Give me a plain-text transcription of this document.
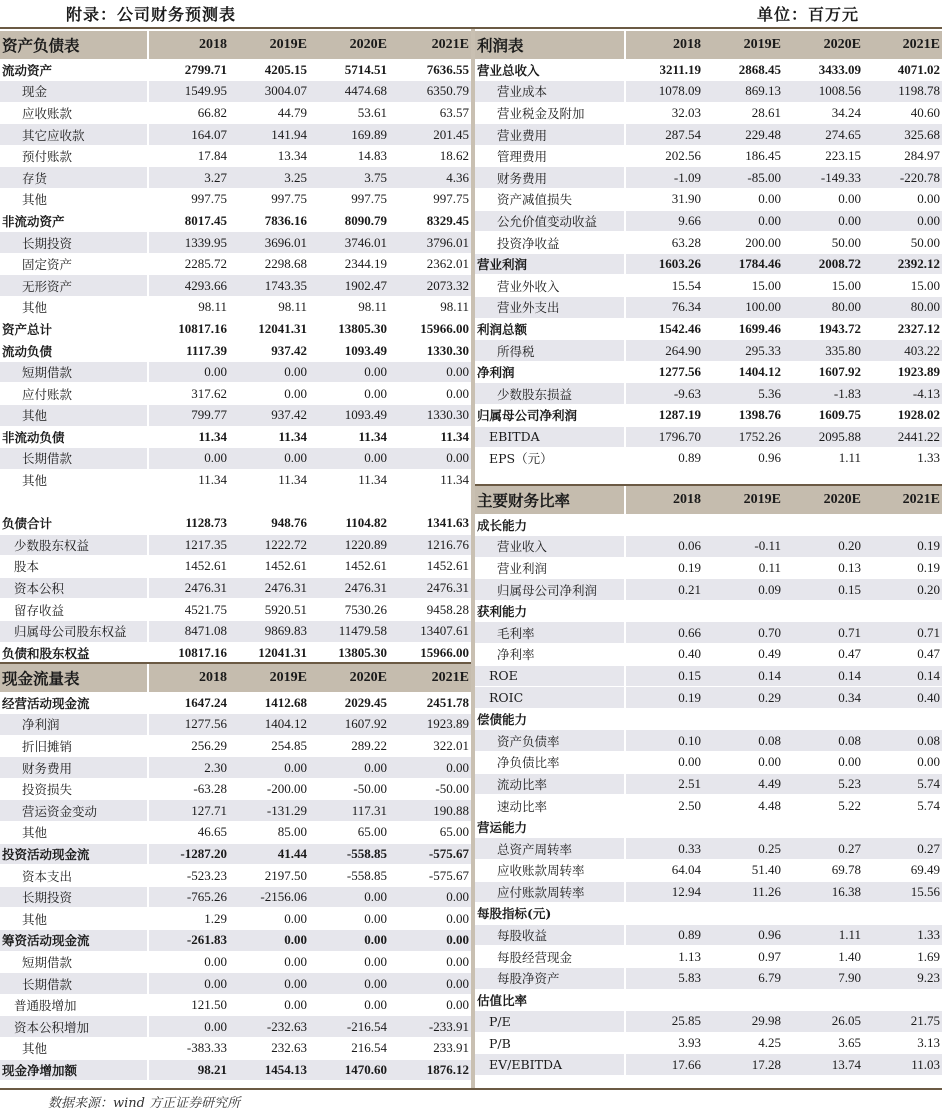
附录：公司财务预测表	单位：百万元
资产负债表	2018	2019E	2020E	2021E
流动资产	2799.71	4205.15	5714.51	7636.55
现金	1549.95	3004.07	4474.68	6350.79
应收账款	66.82	44.79	53.61	63.57
其它应收款	164.07	141.94	169.89	201.45
预付账款	17.84	13.34	14.83	18.62
存货	3.27	3.25	3.75	4.36
其他	997.75	997.75	997.75	997.75
非流动资产	8017.45	7836.16	8090.79	8329.45
长期投资	1339.95	3696.01	3746.01	3796.01
固定资产	2285.72	2298.68	2344.19	2362.01
无形资产	4293.66	1743.35	1902.47	2073.32
其他	98.11	98.11	98.11	98.11
资产总计	10817.16	12041.31	13805.30	15966.00
流动负债	1117.39	937.42	1093.49	1330.30
短期借款	0.00	0.00	0.00	0.00
应付账款	317.62	0.00	0.00	0.00
其他	799.77	937.42	1093.49	1330.30
非流动负债	11.34	11.34	11.34	11.34
长期借款	0.00	0.00	0.00	0.00
其他	11.34	11.34	11.34	11.34

负债合计	1128.73	948.76	1104.82	1341.63
少数股东权益	1217.35	1222.72	1220.89	1216.76
股本	1452.61	1452.61	1452.61	1452.61
资本公积	2476.31	2476.31	2476.31	2476.31
留存收益	4521.75	5920.51	7530.26	9458.28
归属母公司股东权益	8471.08	9869.83	11479.58	13407.61
负债和股东权益	10817.16	12041.31	13805.30	15966.00
现金流量表	2018	2019E	2020E	2021E
经营活动现金流	1647.24	1412.68	2029.45	2451.78
净利润	1277.56	1404.12	1607.92	1923.89
折旧摊销	256.29	254.85	289.22	322.01
财务费用	2.30	0.00	0.00	0.00
投资损失	-63.28	-200.00	-50.00	-50.00
营运资金变动	127.71	-131.29	117.31	190.88
其他	46.65	85.00	65.00	65.00
投资活动现金流	-1287.20	41.44	-558.85	-575.67
资本支出	-523.23	2197.50	-558.85	-575.67
长期投资	-765.26	-2156.06	0.00	0.00
其他	1.29	0.00	0.00	0.00
筹资活动现金流	-261.83	0.00	0.00	0.00
短期借款	0.00	0.00	0.00	0.00
长期借款	0.00	0.00	0.00	0.00
普通股增加	121.50	0.00	0.00	0.00
资本公积增加	0.00	-232.63	-216.54	-233.91
其他	-383.33	232.63	216.54	233.91
现金净增加额	98.21	1454.13	1470.60	1876.12
利润表	2018	2019E	2020E	2021E
营业总收入	3211.19	2868.45	3433.09	4071.02
营业成本	1078.09	869.13	1008.56	1198.78
营业税金及附加	32.03	28.61	34.24	40.60
营业费用	287.54	229.48	274.65	325.68
管理费用	202.56	186.45	223.15	284.97
财务费用	-1.09	-85.00	-149.33	-220.78
资产减值损失	31.90	0.00	0.00	0.00
公允价值变动收益	9.66	0.00	0.00	0.00
投资净收益	63.28	200.00	50.00	50.00
营业利润	1603.26	1784.46	2008.72	2392.12
营业外收入	15.54	15.00	15.00	15.00
营业外支出	76.34	100.00	80.00	80.00
利润总额	1542.46	1699.46	1943.72	2327.12
所得税	264.90	295.33	335.80	403.22
净利润	1277.56	1404.12	1607.92	1923.89
少数股东损益	-9.63	5.36	-1.83	-4.13
归属母公司净利润	1287.19	1398.76	1609.75	1928.02
EBITDA	1796.70	1752.26	2095.88	2441.22
EPS（元）	0.89	0.96	1.11	1.33

主要财务比率	2018	2019E	2020E	2021E
成长能力				
营业收入	0.06	-0.11	0.20	0.19
营业利润	0.19	0.11	0.13	0.19
归属母公司净利润	0.21	0.09	0.15	0.20
获利能力				
毛利率	0.66	0.70	0.71	0.71
净利率	0.40	0.49	0.47	0.47
ROE	0.15	0.14	0.14	0.14
ROIC	0.19	0.29	0.34	0.40
偿债能力				
资产负债率	0.10	0.08	0.08	0.08
净负债比率	0.00	0.00	0.00	0.00
流动比率	2.51	4.49	5.23	5.74
速动比率	2.50	4.48	5.22	5.74
营运能力				
总资产周转率	0.33	0.25	0.27	0.27
应收账款周转率	64.04	51.40	69.78	69.49
应付账款周转率	12.94	11.26	16.38	15.56
每股指标(元)				
每股收益	0.89	0.96	1.11	1.33
每股经营现金	1.13	0.97	1.40	1.69
每股净资产	5.83	6.79	7.90	9.23
估值比率				
P/E	25.85	29.98	26.05	21.75
P/B	3.93	4.25	3.65	3.13
EV/EBITDA	17.66	17.28	13.74	11.03
数据来源：wind 方正证券研究所
